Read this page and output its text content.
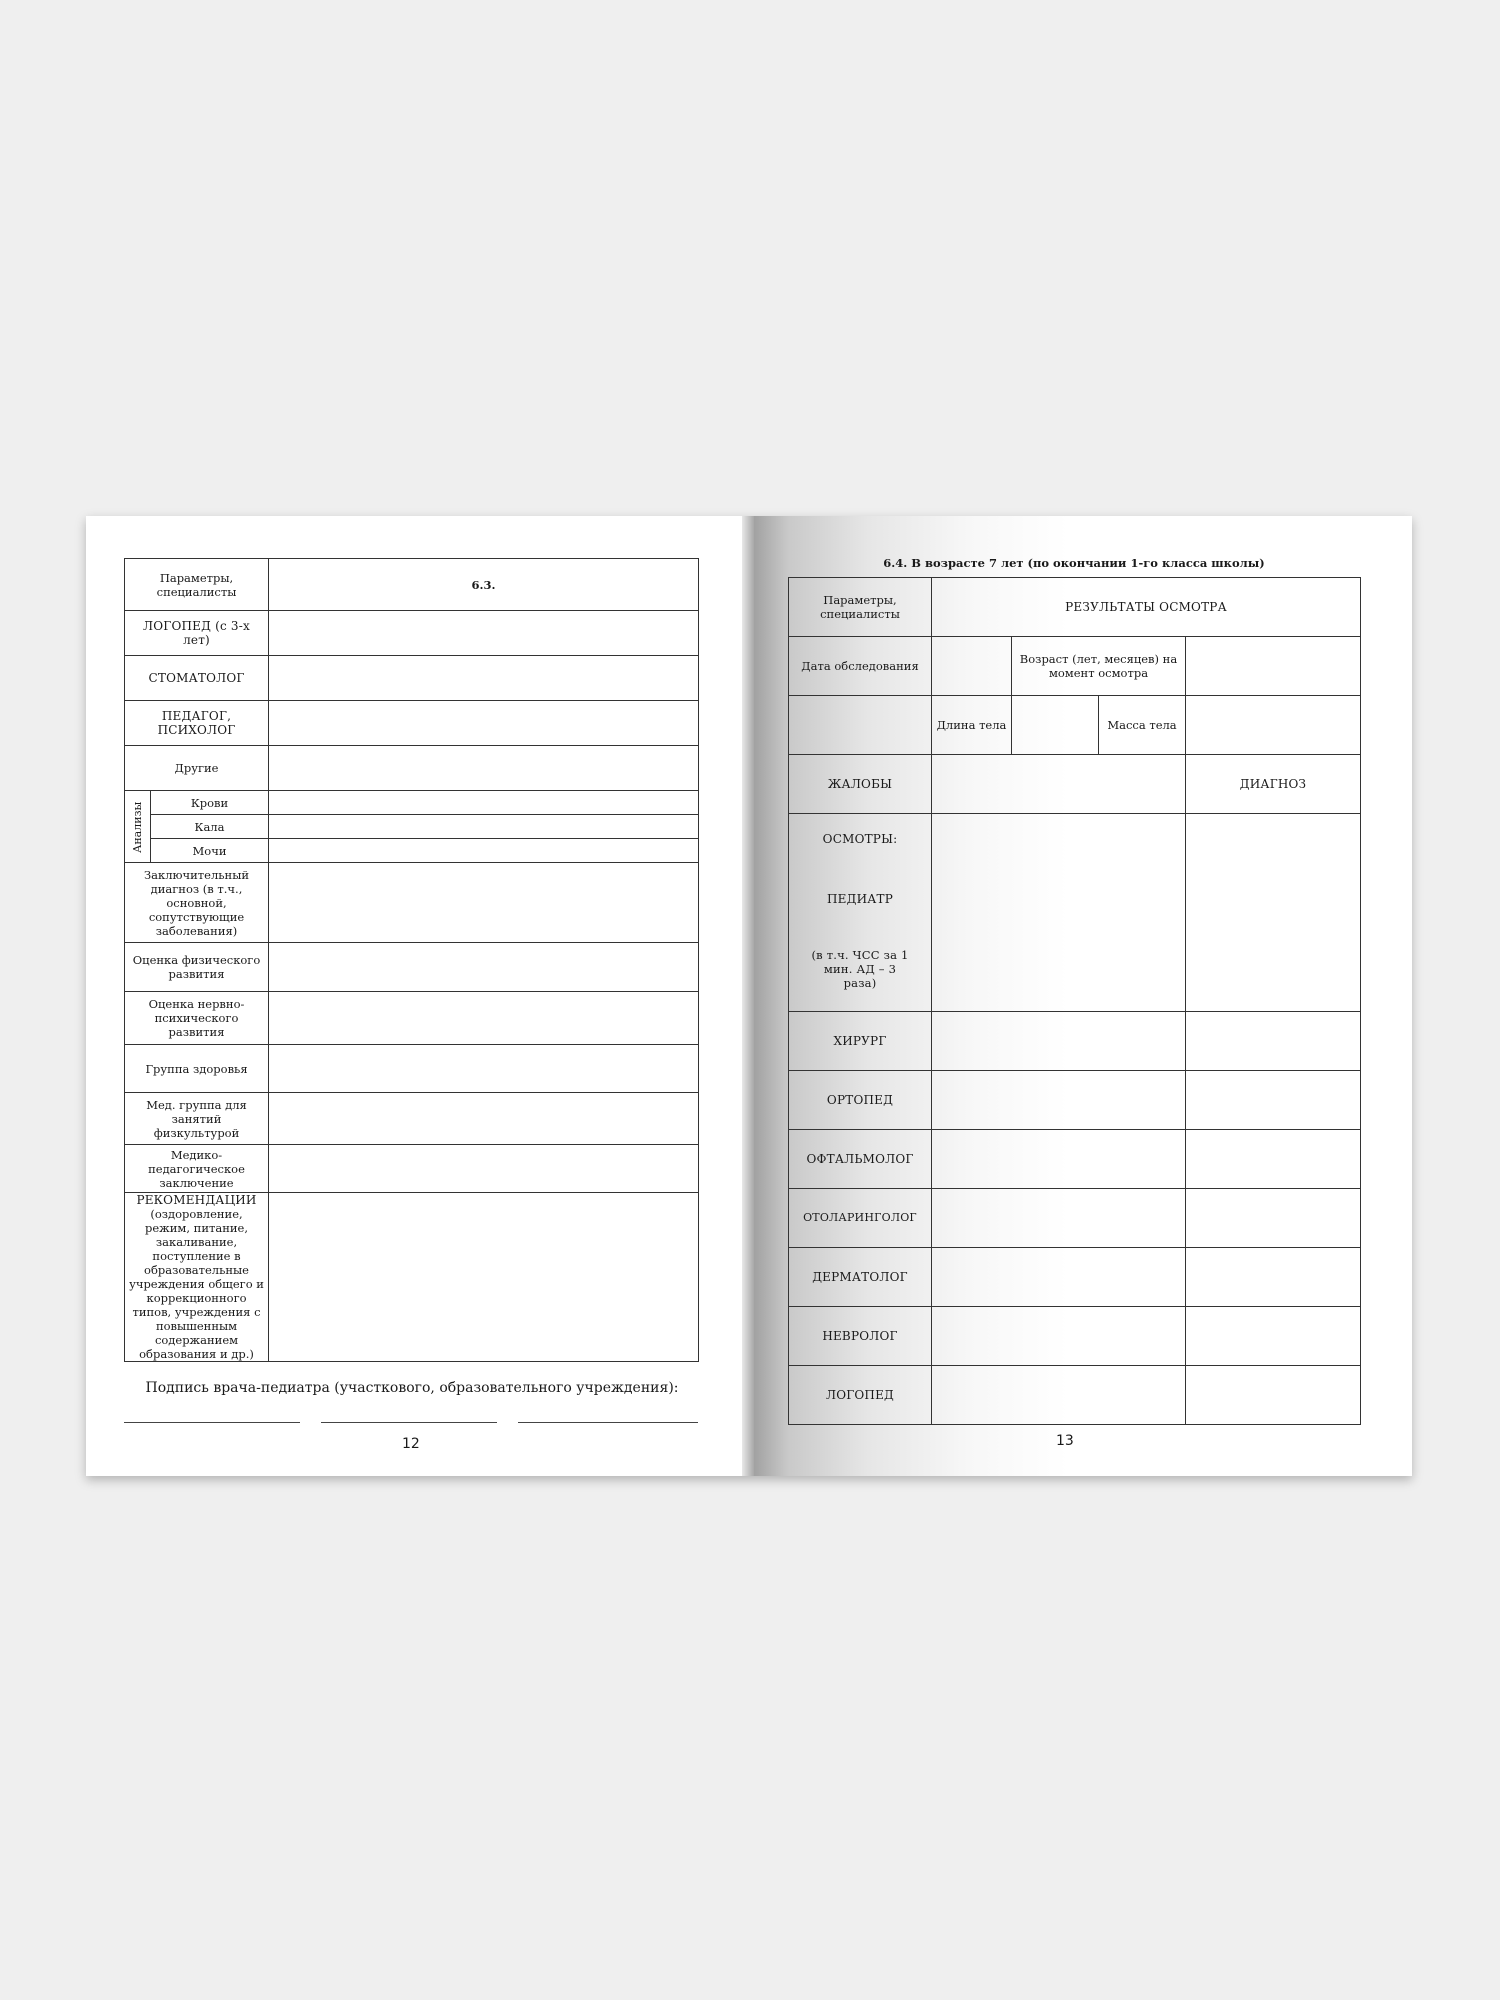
Параметры, специалисты		6.3.
ЛОГОПЕД (с 3-х лет)		
СТОМАТОЛОГ		
ПЕДАГОГ, ПСИХОЛОГ		
Другие		
Анализы	Крови	
	Кала	
	Мочи	
Заключительный диагноз (в т.ч., основной, сопутствующие заболевания)		
Оценка физического развития		
Оценка нервно-психического развития		
Группа здоровья		
Мед. группа для занятий физкультурой		
Медико-педагогическое заключение		

РЕКОМЕНДАЦИИ
(оздоровление, режим, питание, закаливание, поступление в образовательные учреждения общего и коррекционного типов, учреждения с повышенным содержанием образования и др.)		

Подпись врача-педиатра (участкового, образовательного учреждения):
12
6.4. В возрасте 7 лет (по окончании 1-го класса школы)
Параметры, специалисты	РЕЗУЛЬТАТЫ ОСМОТРА			
Дата обследования		Возраст (лет, месяцев) на момент осмотра		
	Длина тела		Масса тела	
ЖАЛОБЫ				ДИАГНОЗ

ОСМОТРЫ:
ПЕДИАТР
(в т.ч. ЧСС за 1 мин. АД – 3 раза)				

ХИРУРГ				
ОРТОПЕД				
ОФТАЛЬМОЛОГ				
ОТОЛАРИНГОЛОГ				
ДЕРМАТОЛОГ				
НЕВРОЛОГ				
ЛОГОПЕД				
13
